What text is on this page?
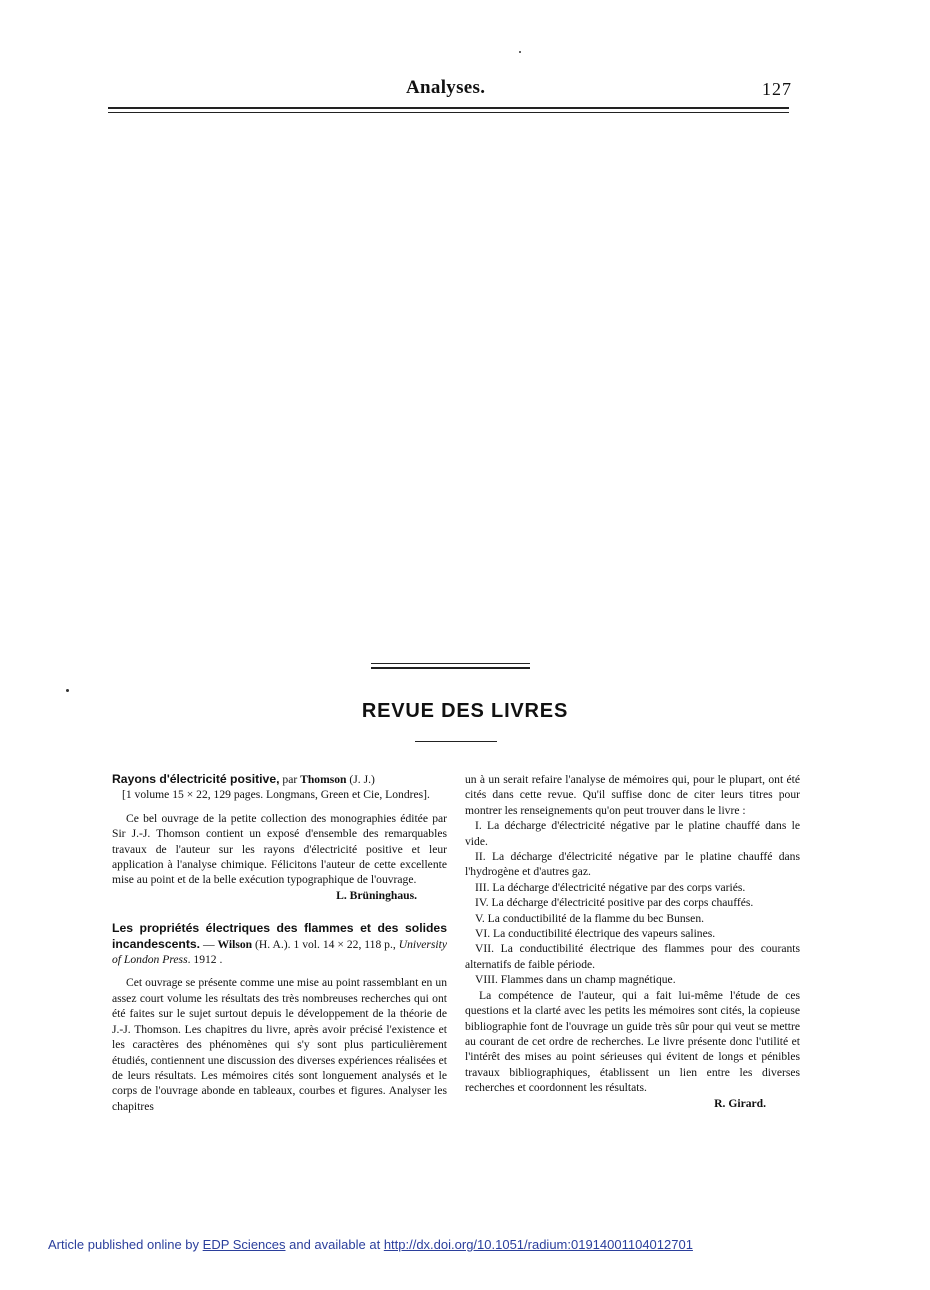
Analyses.	127
REVUE DES LIVRES

Rayons d'électricité positive, par Thomson (J. J.)

[1 volume 15 × 22, 129 pages. Longmans, Green et Cie, Londres].

Ce bel ouvrage de la petite collection des monographies éditée par Sir J.-J. Thomson contient un exposé d'ensemble des remarquables travaux de l'auteur sur les rayons d'électricité positive et leur application à l'analyse chimique. Félicitons l'auteur de cette excellente mise au point et de la belle exécution typographique de l'ouvrage.

L. Brüninghaus.

Les propriétés électriques des flammes et des solides incandescents. — Wilson (H. A.). 1 vol. 14 × 22, 118 p., University of London Press. 1912 .

Cet ouvrage se présente comme une mise au point rassemblant en un assez court volume les résultats des très nombreuses recherches qui ont été faites sur le sujet surtout depuis le développement de la théorie de J.-J. Thomson. Les chapitres du livre, après avoir précisé l'existence et les caractères des phénomènes qui s'y sont plus particulièrement étudiés, contiennent une discussion des diverses expériences réalisées et de leurs résultats. Les mémoires cités sont longuement analysés et le corps de l'ouvrage abonde en tableaux, courbes et figures. Analyser les chapitres

un à un serait refaire l'analyse de mémoires qui, pour le plupart, ont été cités dans cette revue. Qu'il suffise donc de citer leurs titres pour montrer les renseignements qu'on peut trouver dans le livre :

I. La décharge d'électricité négative par le platine chauffé dans le vide.

II. La décharge d'électricité négative par le platine chauffé dans l'hydrogène et d'autres gaz.

III. La décharge d'électricité négative par des corps variés.

IV. La décharge d'électricité positive par des corps chauffés.

V. La conductibilité de la flamme du bec Bunsen.

VI. La conductibilité électrique des vapeurs salines.

VII. La conductibilité électrique des flammes pour des courants alternatifs de faible période.

VIII. Flammes dans un champ magnétique.

La compétence de l'auteur, qui a fait lui-même l'étude de ces questions et la clarté avec les petits les mémoires sont cités, la copieuse bibliographie font de l'ouvrage un guide très sûr pour qui veut se mettre au courant de cet ordre de recherches. Le livre présente donc l'utilité et l'intérêt des mises au point sérieuses qui évitent de longs et pénibles travaux bibliographiques, établissent un lien entre les diverses recherches et coordonnent les résultats.

R. Girard.

Article published online by EDP Sciences and available at http://dx.doi.org/10.1051/radium:01914001104012701
